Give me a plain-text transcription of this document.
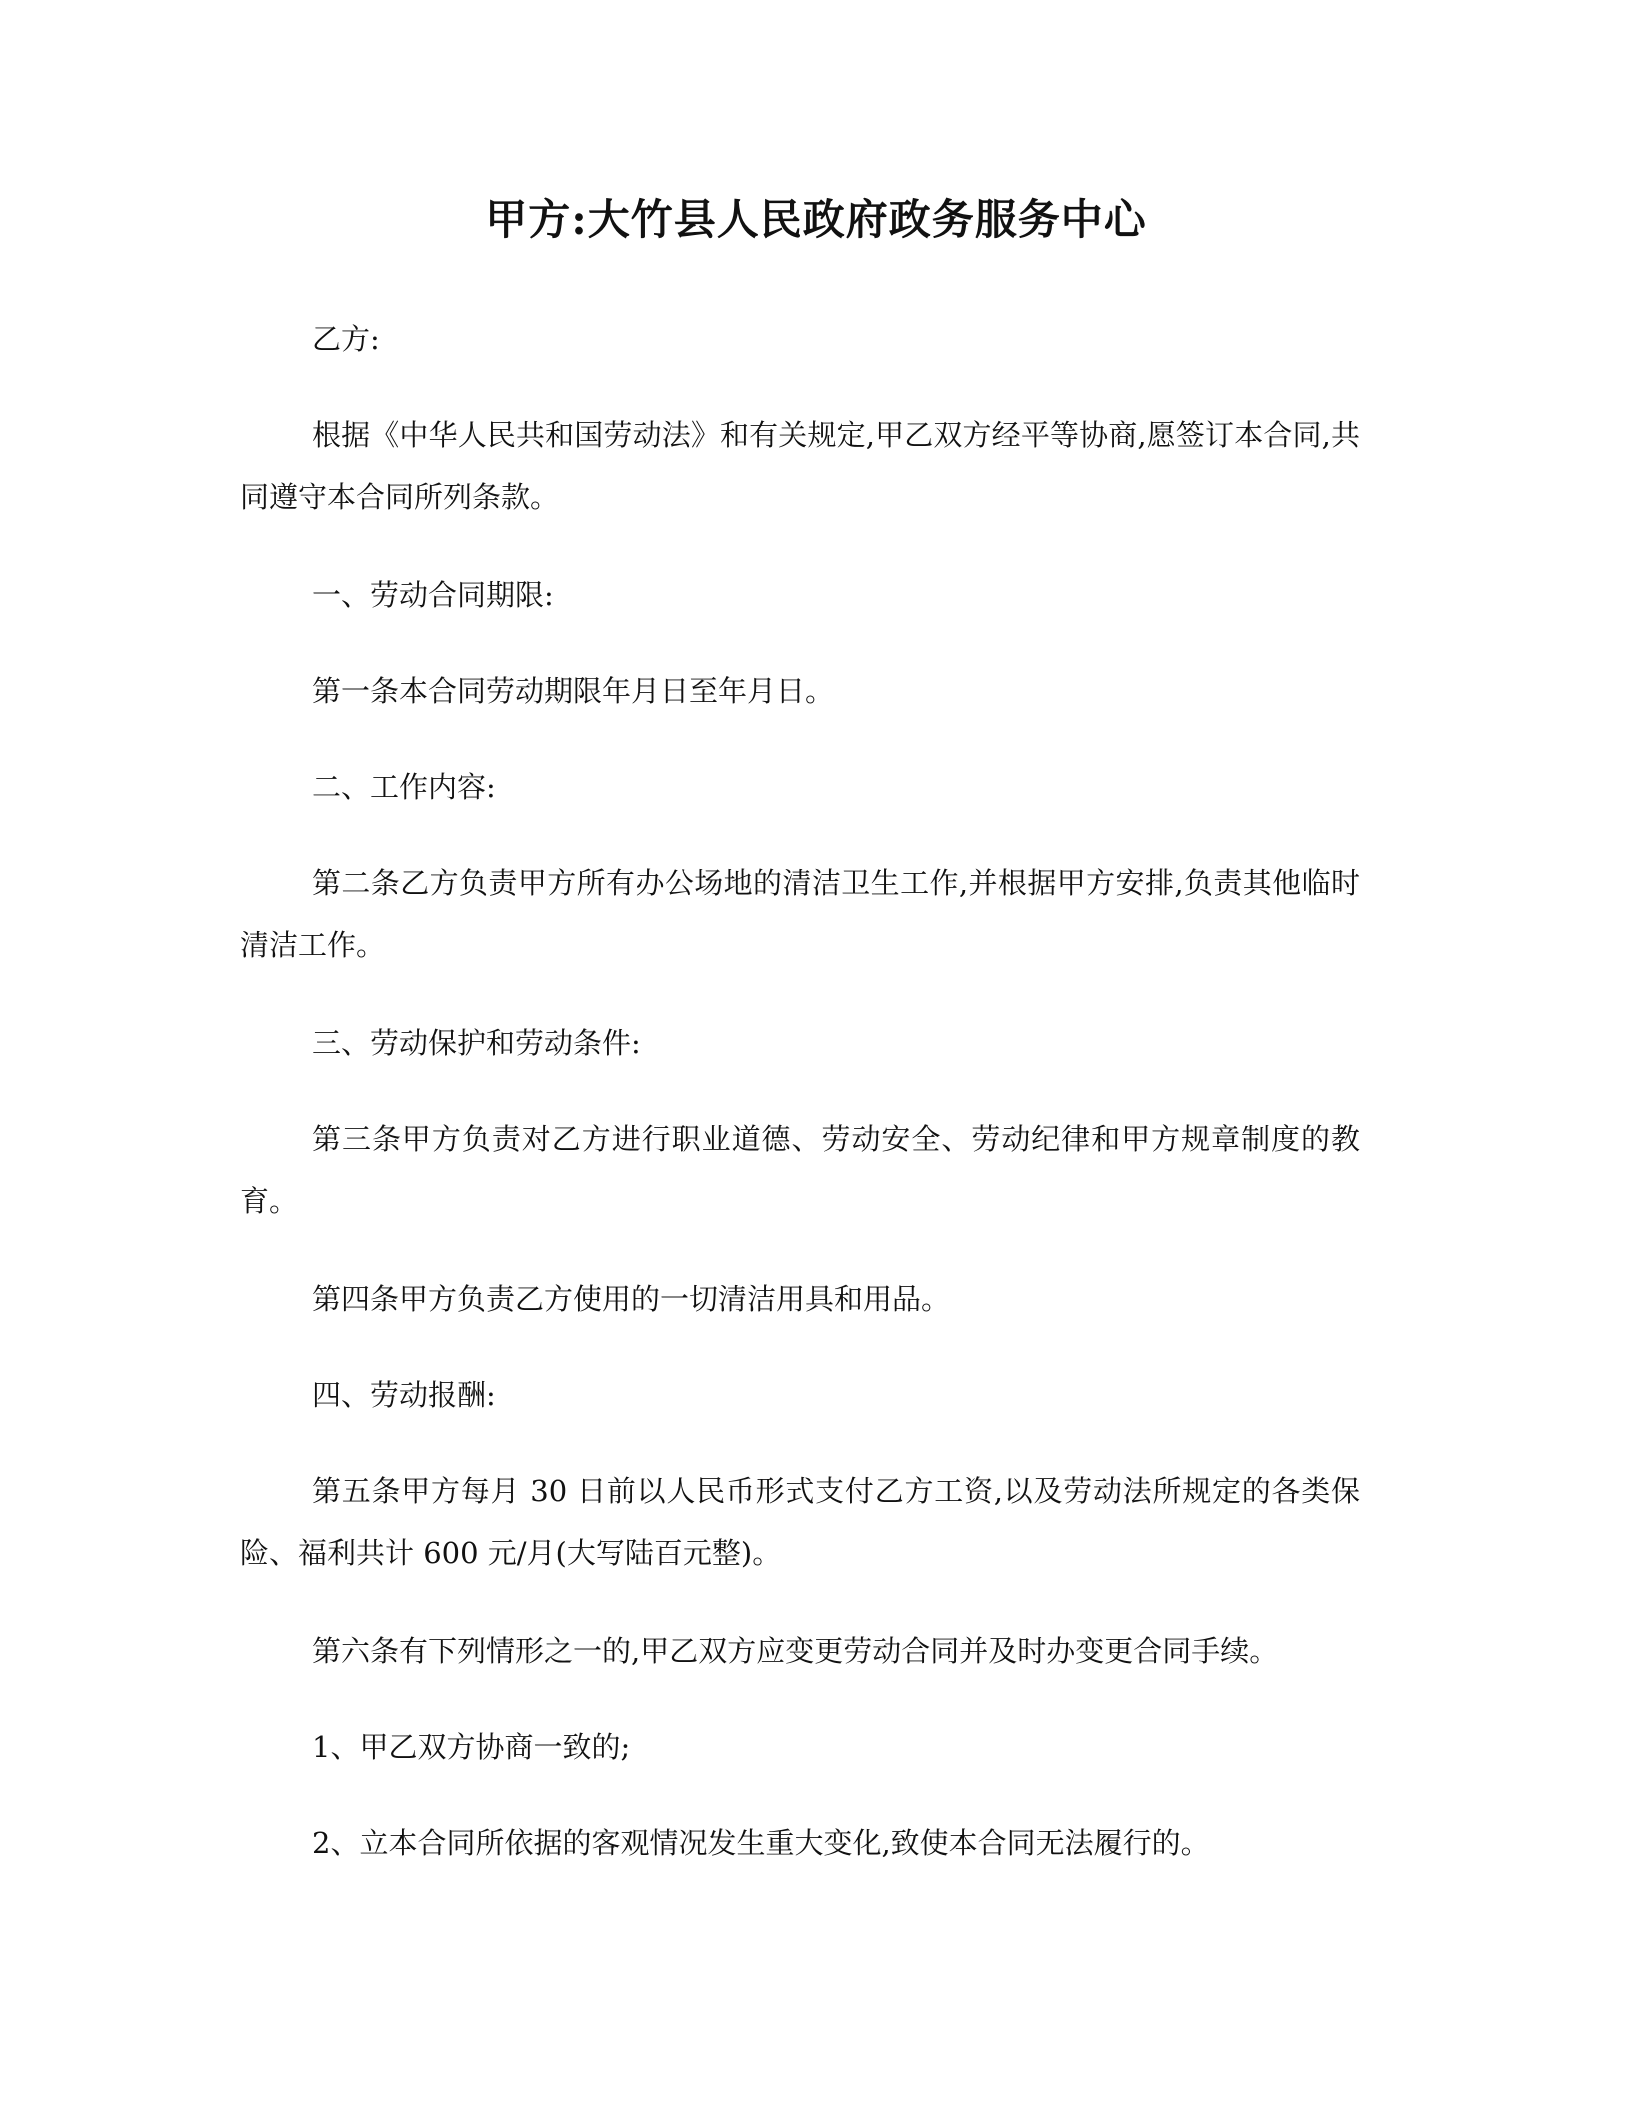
甲方:大竹县人民政府政务服务中心

乙方:

根据《中华人民共和国劳动法》和有关规定,甲乙双方经平等协商,愿签订本合同,共同遵守本合同所列条款。

一、劳动合同期限:

第一条本合同劳动期限年月日至年月日。

二、工作内容:

第二条乙方负责甲方所有办公场地的清洁卫生工作,并根据甲方安排,负责其他临时清洁工作。

三、劳动保护和劳动条件:

第三条甲方负责对乙方进行职业道德、劳动安全、劳动纪律和甲方规章制度的教育。

第四条甲方负责乙方使用的一切清洁用具和用品。

四、劳动报酬:

第五条甲方每月 30 日前以人民币形式支付乙方工资,以及劳动法所规定的各类保险、福利共计 600 元/月(大写陆百元整)。

第六条有下列情形之一的,甲乙双方应变更劳动合同并及时办变更合同手续。

1、甲乙双方协商一致的;

2、立本合同所依据的客观情况发生重大变化,致使本合同无法履行的。
